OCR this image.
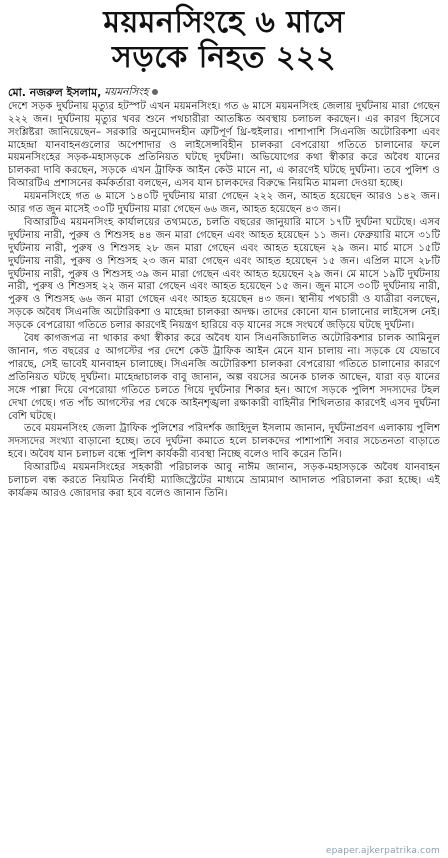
ময়মনসিংহে ৬ মাসে
সড়কে নিহত ২২২
মো. নজরুল ইসলাম, ময়মনসিংহ

দেশে সড়ক দুর্ঘটনায় মৃত্যুর হটস্পট এখন ময়মনসিংহ। গত ৬ মাসে ময়মনসিংহ জেলায় দুর্ঘটনায় মারা গেছেন ২২২ জন। দুর্ঘটনায় মৃত্যুর খবর শুনে পথচারীরা আতঙ্কিত অবস্থায় চলাচল করছেন। এর কারণ হিসেবে সংশ্লিষ্টরা জানিয়েছেন– সরকারি অনুমোদনহীন ত্রুটিপূর্ণ থ্রি-হুইলার। পাশাপাশি সিএনজি অটোরিকশা এবং মাহেন্দ্রা যানবাহনগুলোর অপেশাদার ও লাইসেন্সবিহীন চালকরা বেপরোয়া গতিতে চালানোর ফলে ময়মনসিংহের সড়ক-মহাসড়কে প্রতিনিয়ত ঘটছে দুর্ঘটনা। অভিযোগের কথা স্বীকার করে অবৈধ যানের চালকরা দাবি করছেন, সড়কে এখন ট্রাফিক আইন কেউ মানে না, এ কারণেই ঘটছে দুর্ঘটনা। তবে পুলিশ ও বিআরটিএ প্রশাসনের কর্মকর্তারা বলছেন, এসব যান চালকদের বিরুদ্ধে নিয়মিত মামলা দেওয়া হচ্ছে।

ময়মনসিংহে গত ৬ মাসে ১৪০টি দুর্ঘটনায় মারা গেছেন ২২২ জন, আহত হয়েছেন আরও ১৪২ জন। আর গত জুন মাসেই ৩০টি দুর্ঘটনায় মারা গেছেন ৬৬ জন, আহত হয়েছেন ৪৩ জন।

বিআরটিএ ময়মনসিংহ কার্যালয়ের তথ্যমতে, চলতি বছরের জানুয়ারি মাসে ১৭টি দুর্ঘটনা ঘটেছে। এসব দুর্ঘটনায় নারী, পুরুষ ও শিশুসহ ৪৪ জন মারা গেছেন এবং আহত হয়েছেন ১১ জন। ফেব্রুয়ারি মাসে ৩১টি দুর্ঘটনায় নারী, পুরুষ ও শিশুসহ ২৮ জন মারা গেছেন এবং আহত হয়েছেন ২৯ জন। মার্চ মাসে ১৫টি দুর্ঘটনায় নারী, পুরুষ ও শিশুসহ ২৩ জন মারা গেছেন এবং আহত হয়েছেন ১৫ জন। এপ্রিল মাসে ২৮টি দুর্ঘটনায় নারী, পুরুষ ও শিশুসহ ৩৯ জন মারা গেছেন এবং আহত হয়েছেন ২৯ জন। মে মাসে ১৯টি দুর্ঘটনায় নারী, পুরুষ ও শিশুসহ ২২ জন মারা গেছেন এবং আহত হয়েছেন ১৫ জন। জুন মাসে ৩০টি দুর্ঘটনায় নারী, পুরুষ ও শিশুসহ ৬৬ জন মারা গেছেন এবং আহত হয়েছেন ৪৩ জন। স্থানীয় পথচারী ও যাত্রীরা বলছেন, সড়কে অবৈধ সিএনজি অটোরিকশা ও মাহেন্দ্রা চালকরা অদক্ষ। তাদের কোনো যান চালানোর লাইসেন্স নেই। সড়কে বেপরোয়া গতিতে চলার কারণেই নিয়ন্ত্রণ হারিয়ে বড় যানের সঙ্গে সংঘর্ষে জড়িয়ে ঘটছে দুর্ঘটনা।

বৈধ কাগজপত্র না থাকার কথা স্বীকার করে অবৈধ যান সিএনজিচালিত অটোরিকশার চালক আমিনুল জানান, গত বছরের ৫ আগস্টের পর দেশে কেউ ট্রাফিক আইন মেনে যান চালায় না। সড়কে যে যেভাবে পারছে, সেই ভাবেই যানবাহন চালাচ্ছে। সিএনজি অটোরিকশা চালকরা বেপরোয়া গতিতে চালানোর কারণে প্রতিনিয়ত ঘটছে দুর্ঘটনা। মাহেন্দ্রাচালক বাবু জানান, অল্প বয়সের অনেক চালক আছেন, যারা বড় যানের সঙ্গে পাল্লা দিয়ে বেপরোয়া গতিতে চলতে গিয়ে দুর্ঘটনার শিকার হন। আগে সড়কে পুলিশ সদস্যদের টহল দেখা গেছে। গত পাঁচ আগস্টের পর থেকে আইনশৃঙ্খলা রক্ষাকারী বাহিনীর শিথিলতার কারণেই এসব দুর্ঘটনা বেশি ঘটছে।

তবে ময়মনসিংহ জেলা ট্রাফিক পুলিশের পরিদর্শক জাহিদুল ইসলাম জানান, দুর্ঘটনাপ্রবণ এলাকায় পুলিশ সদস্যদের সংখ্যা বাড়ানো হচ্ছে। তবে দুর্ঘটনা কমাতে হলে চালকদের পাশাপাশি সবার সচেতনতা বাড়াতে হবে। অবৈধ যান চলাচল বন্ধে পুলিশ কার্যকরী ব্যবস্থা নিচ্ছে বলেও দাবি করেন তিনি।

বিআরটিএ ময়মনসিংহের সহকারী পরিচালক আবু নাঈম জানান, সড়ক-মহাসড়কে অবৈধ যানবাহন চলাচল বন্ধ করতে নিয়মিত নির্বাহী ম্যাজিস্ট্রেটের মাধ্যমে ভ্রাম্যমাণ আদালত পরিচালনা করা হচ্ছে। এই কার্যক্রম আরও জোরদার করা হবে বলেও জানান তিনি।

epaper.ajkerpatrika.com
